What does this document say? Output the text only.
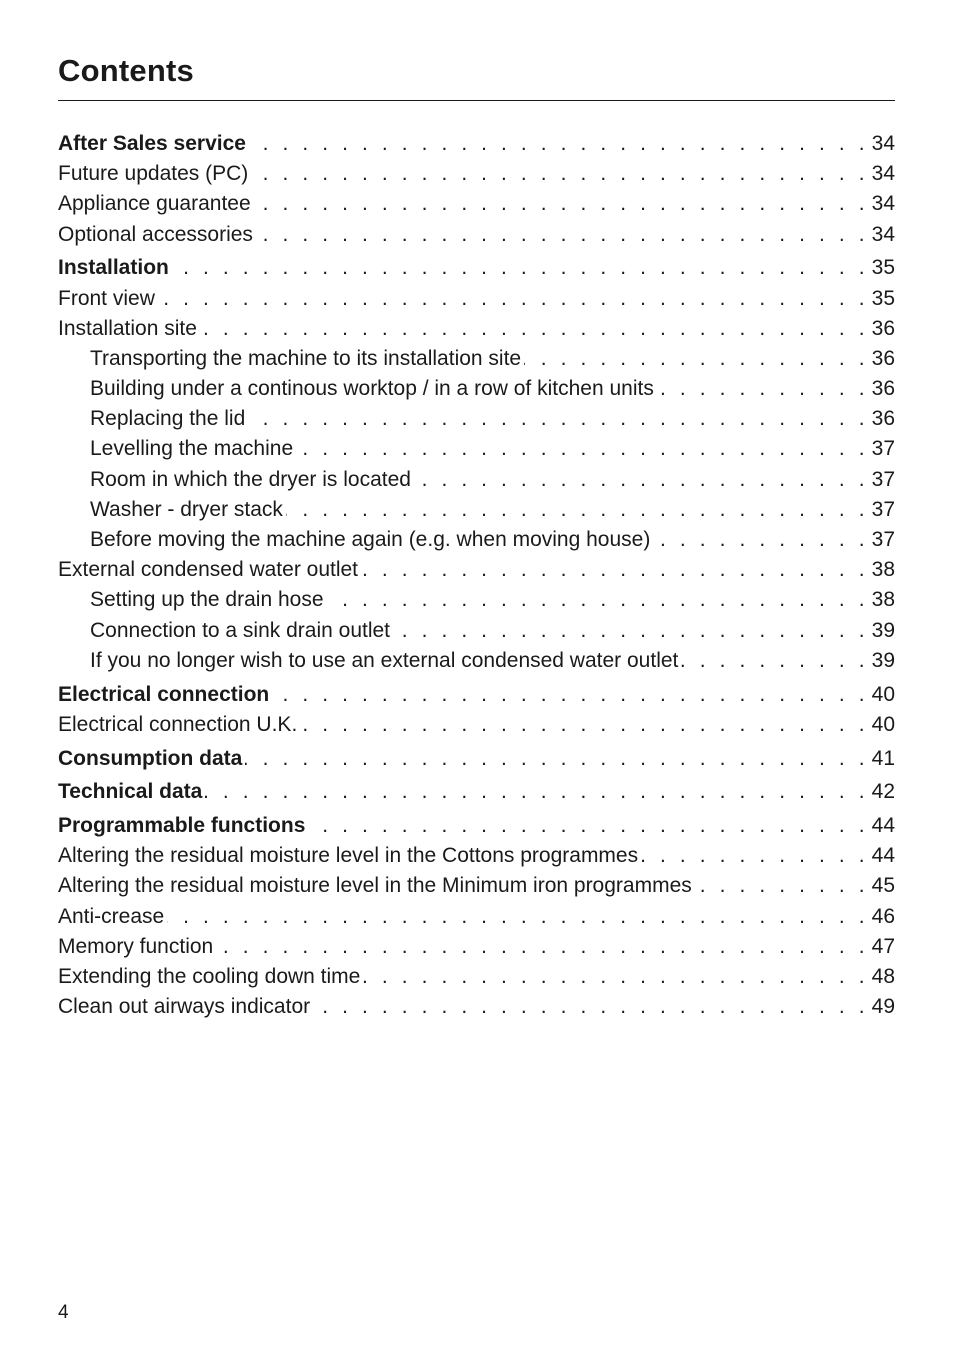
Contents
After Sales service . . .	34
Future updates (PC) . . .	34
Appliance guarantee . . .	34
Optional accessories . . .	34
Installation . . .	35
Front view . . .	35
Installation site . . .	36
Transporting the machine to its installation site . . .	36
Building under a continous worktop / in a row of kitchen units . . .	36
Replacing the lid . . .	36
Levelling the machine . . .	37
Room in which the dryer is located . . .	37
Washer - dryer stack . . .	37
Before moving the machine again (e.g. when moving house) . . .	37
External condensed water outlet . . .	38
Setting up the drain hose . . .	38
Connection to a sink drain outlet . . .	39
If you no longer wish to use an external condensed water outlet . . .	39
Electrical connection . . .	40
Electrical connection U.K. . . .	40
Consumption data . . .	41
Technical data . . .	42
Programmable functions . . .	44
Altering the residual moisture level in the Cottons programmes . . .	44
Altering the residual moisture level in the Minimum iron programmes . . .	45
Anti-crease . . .	46
Memory function . . .	47
Extending the cooling down time . . .	48
Clean out airways indicator . . .	49
4
